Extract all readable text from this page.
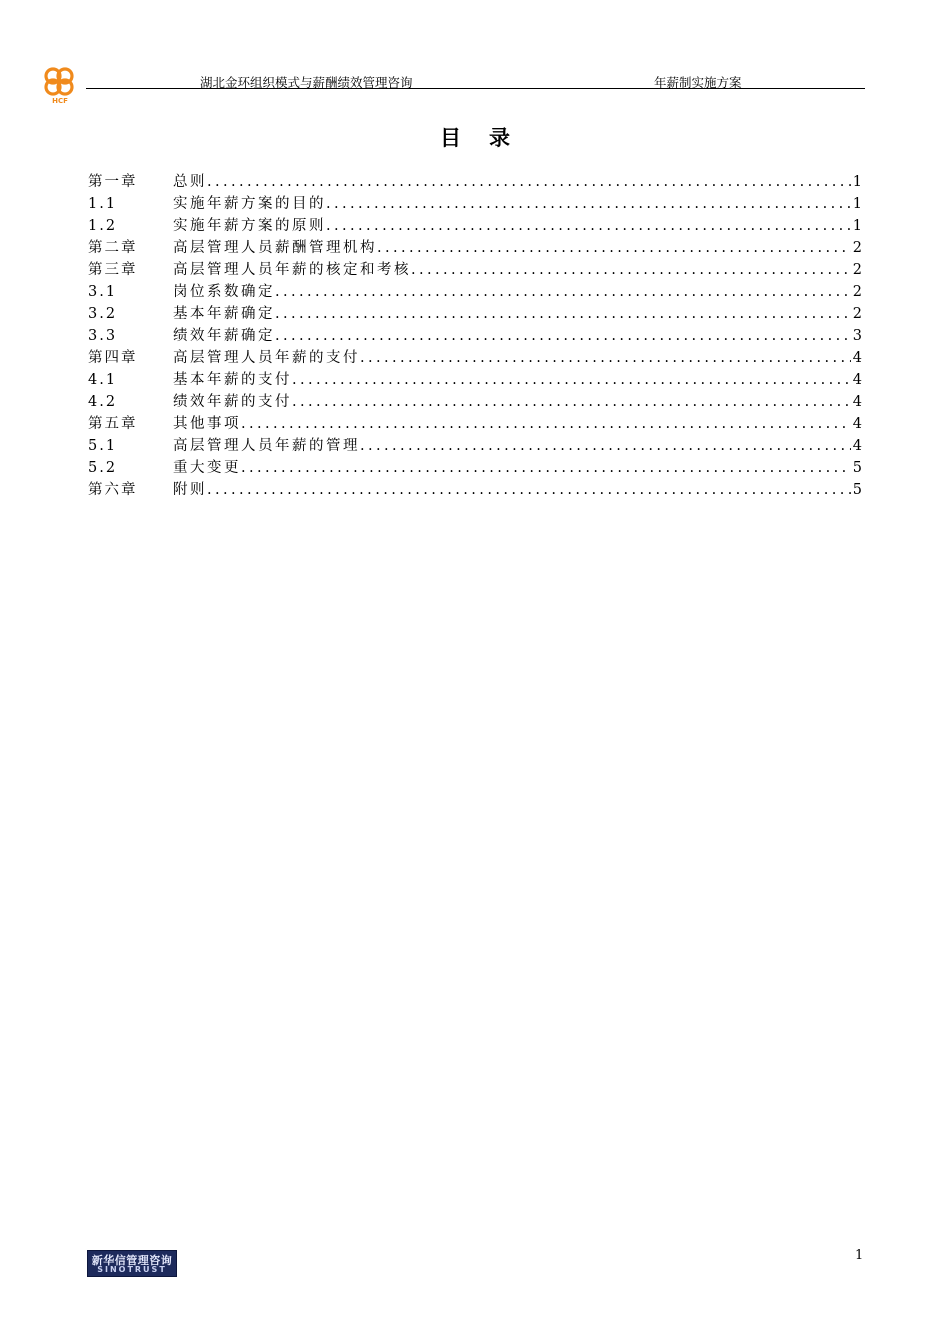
HCF
湖北金环组织模式与薪酬绩效管理咨询	年薪制实施方案
目录
第一章	总则 .....	1
1.1	实施年薪方案的目的 .....	1
1.2	实施年薪方案的原则 .....	1
第二章	高层管理人员薪酬管理机构 .....	2
第三章	高层管理人员年薪的核定和考核 .....	2
3.1	岗位系数确定 .....	2
3.2	基本年薪确定 .....	2
3.3	绩效年薪确定 .....	3
第四章	高层管理人员年薪的支付 .....	4
4.1	基本年薪的支付 .....	4
4.2	绩效年薪的支付 .....	4
第五章	其他事项 .....	4
5.1	高层管理人员年薪的管理 .....	4
5.2	重大变更 .....	5
第六章	附则 .....	5
新华信管理咨询
SINOTRUST
1
